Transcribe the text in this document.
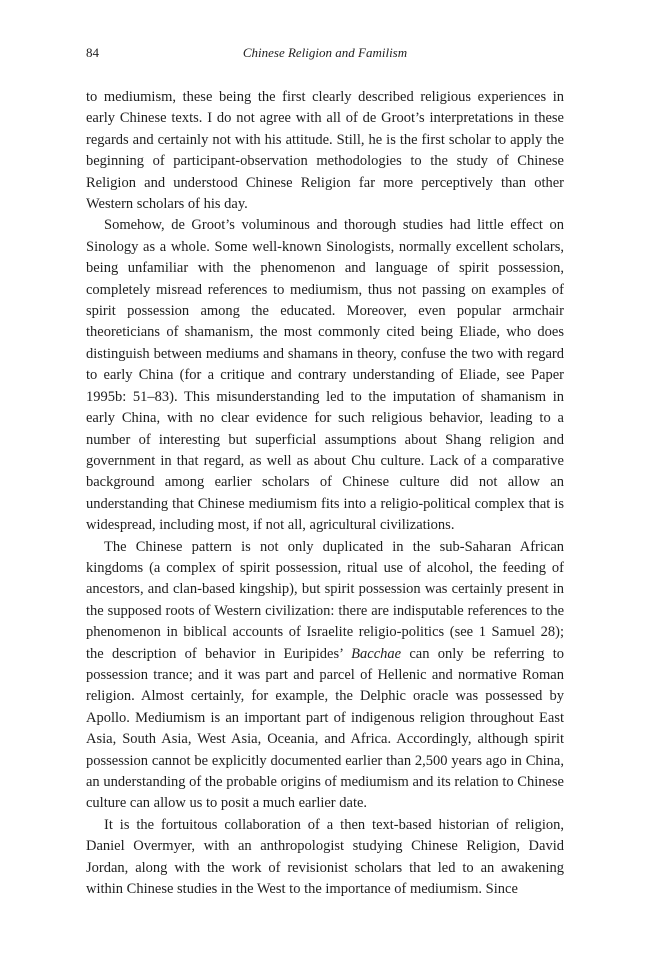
84	Chinese Religion and Familism

to mediumism, these being the first clearly described religious experiences in early Chinese texts. I do not agree with all of de Groot’s interpretations in these regards and certainly not with his attitude. Still, he is the first scholar to apply the beginning of participant-observation methodologies to the study of Chinese Religion and understood Chinese Religion far more perceptively than other Western scholars of his day.

Somehow, de Groot’s voluminous and thorough studies had little effect on Sinology as a whole. Some well-known Sinologists, normally excellent scholars, being unfamiliar with the phenomenon and language of spirit possession, completely misread references to mediumism, thus not passing on examples of spirit possession among the educated. Moreover, even popular armchair theoreticians of shamanism, the most commonly cited being Eliade, who does distinguish between mediums and shamans in theory, confuse the two with regard to early China (for a critique and contrary understanding of Eliade, see Paper 1995b: 51–83). This misunderstanding led to the imputation of shamanism in early China, with no clear evidence for such religious behavior, leading to a number of interesting but superficial assumptions about Shang religion and government in that regard, as well as about Chu culture. Lack of a comparative background among earlier scholars of Chinese culture did not allow an understanding that Chinese mediumism fits into a religio-political complex that is widespread, including most, if not all, agricultural civilizations.

The Chinese pattern is not only duplicated in the sub-Saharan African kingdoms (a complex of spirit possession, ritual use of alcohol, the feeding of ancestors, and clan-based kingship), but spirit possession was certainly present in the supposed roots of Western civilization: there are indisputable references to the phenomenon in biblical accounts of Israelite religio-politics (see 1 Samuel 28); the description of behavior in Euripides’ Bacchae can only be referring to possession trance; and it was part and parcel of Hellenic and normative Roman religion. Almost certainly, for example, the Delphic oracle was possessed by Apollo. Mediumism is an important part of indigenous religion throughout East Asia, South Asia, West Asia, Oceania, and Africa. Accordingly, although spirit possession cannot be explicitly documented earlier than 2,500 years ago in China, an understanding of the probable origins of mediumism and its relation to Chinese culture can allow us to posit a much earlier date.

It is the fortuitous collaboration of a then text-based historian of religion, Daniel Overmyer, with an anthropologist studying Chinese Religion, David Jordan, along with the work of revisionist scholars that led to an awakening within Chinese studies in the West to the importance of mediumism. Since
